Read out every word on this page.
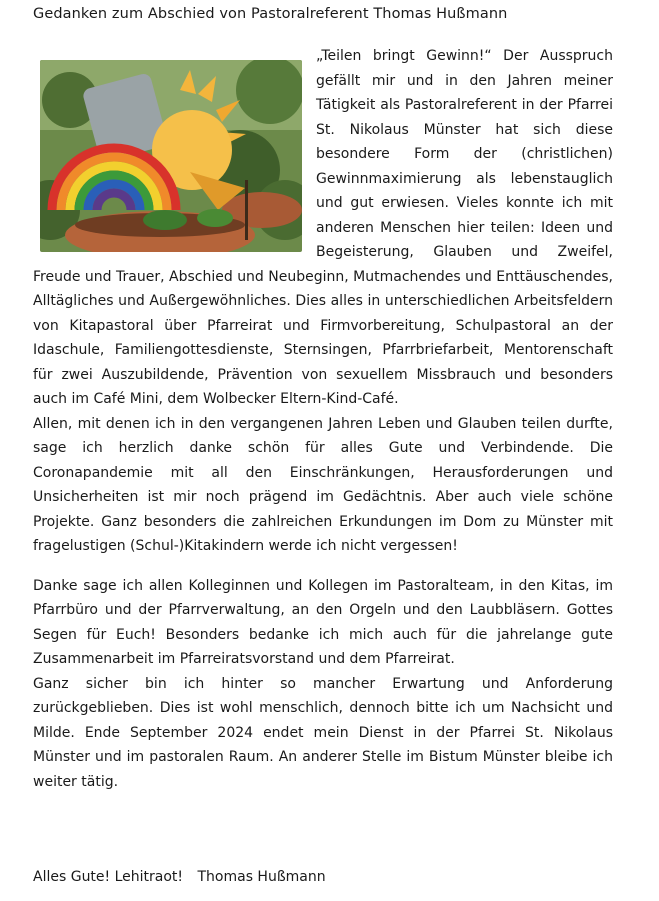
Gedanken zum Abschied von Pastoralreferent Thomas Hußmann

„Teilen bringt Gewinn!“ Der Ausspruch gefällt mir und in den Jahren meiner Tätigkeit als Pastoralreferent in der Pfarrei St. Nikolaus Münster hat sich diese besondere Form der (christlichen) Gewinnmaximierung als lebenstauglich und gut erwiesen. Vieles konnte ich mit anderen Menschen hier teilen: Ideen und Begeisterung, Glauben und Zweifel, Freude und Trauer, Abschied und Neubeginn, Mutmachendes und Enttäuschendes, Alltägliches und Außergewöhnliches. Dies alles in unterschiedlichen Arbeitsfeldern von Kitapastoral über Pfarreirat und Firmvorbereitung, Schulpastoral an der Idaschule, Familiengottesdienste, Sternsingen, Pfarrbriefarbeit, Mentorenschaft für zwei Auszubildende, Prävention von sexuellem Missbrauch und besonders auch im Café Mini, dem Wolbecker Eltern-Kind-Café.

Allen, mit denen ich in den vergangenen Jahren Leben und Glauben teilen durfte, sage ich herzlich danke schön für alles Gute und Verbindende. Die Coronapandemie mit all den Einschränkungen, Herausforderungen und Unsicherheiten ist mir noch prägend im Gedächtnis. Aber auch viele schöne Projekte. Ganz besonders die zahlreichen Erkundungen im Dom zu Münster mit fragelustigen (Schul-)Kitakindern werde ich nicht vergessen!

Danke sage ich allen Kolleginnen und Kollegen im Pastoralteam, in den Kitas, im Pfarrbüro und der Pfarrverwaltung, an den Orgeln und den Laubbläsern. Gottes Segen für Euch! Besonders bedanke ich mich auch für die jahrelange gute Zusammenarbeit im Pfarreiratsvorstand und dem Pfarreirat.

Ganz sicher bin ich hinter so mancher Erwartung und Anforderung zurückgeblieben. Dies ist wohl menschlich, dennoch bitte ich um Nachsicht und Milde. Ende September 2024 endet mein Dienst in der Pfarrei St. Nikolaus Münster und im pastoralen Raum. An anderer Stelle im Bistum Münster bleibe ich weiter tätig.

Alles Gute! Lehitraot! Thomas Hußmann
